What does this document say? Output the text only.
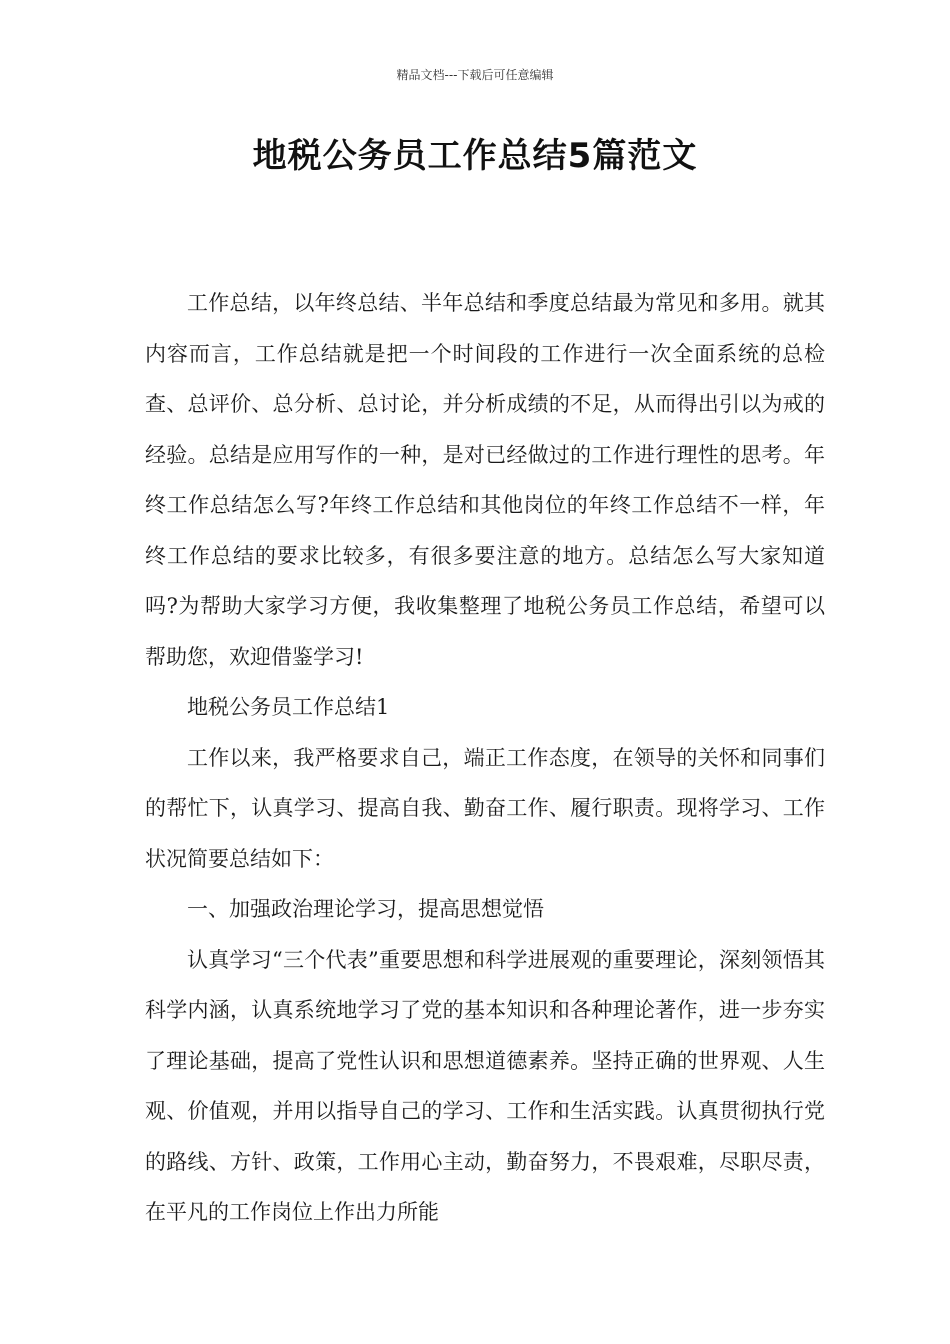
精品文档---下载后可任意编辑
地税公务员工作总结5篇范文

工作总结，以年终总结、半年总结和季度总结最为常见和多用。就其内容而言，工作总结就是把一个时间段的工作进行一次全面系统的总检查、总评价、总分析、总讨论，并分析成绩的不足，从而得出引以为戒的经验。总结是应用写作的一种，是对已经做过的工作进行理性的思考。年终工作总结怎么写?年终工作总结和其他岗位的年终工作总结不一样，年终工作总结的要求比较多，有很多要注意的地方。总结怎么写大家知道吗?为帮助大家学习方便，我收集整理了地税公务员工作总结，希望可以帮助您，欢迎借鉴学习!

地税公务员工作总结1

工作以来，我严格要求自己，端正工作态度，在领导的关怀和同事们的帮忙下，认真学习、提高自我、勤奋工作、履行职责。现将学习、工作状况简要总结如下：

一、加强政治理论学习，提高思想觉悟

认真学习“三个代表”重要思想和科学进展观的重要理论，深刻领悟其科学内涵，认真系统地学习了党的基本知识和各种理论著作，进一步夯实了理论基础，提高了党性认识和思想道德素养。坚持正确的世界观、人生观、价值观，并用以指导自己的学习、工作和生活实践。认真贯彻执行党的路线、方针、政策，工作用心主动，勤奋努力，不畏艰难，尽职尽责，在平凡的工作岗位上作出力所能
